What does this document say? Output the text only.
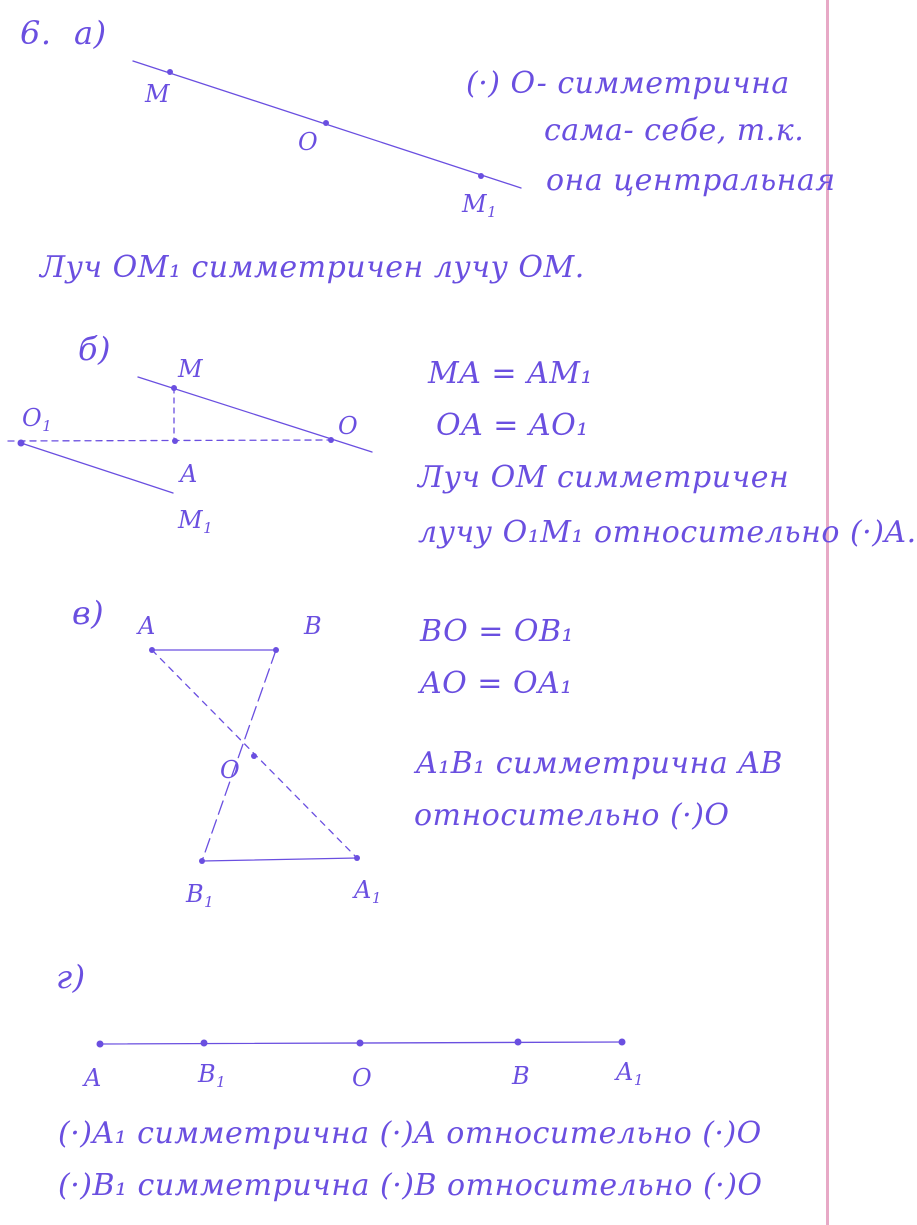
6. а)
M
O
$M_1$
(·) O- симметрична
сама- себе, т.к.
она центральная
Луч OM₁ симметричен лучу OM.
б)
M
$O_1$	O
A
$M_1$
MA = AM₁
OA = AO₁
Луч OM симметричен
лучу O₁M₁ относительно (·)A.
в) A	B
O
$B_1$	$A_1$
BO = OB₁
AO = OA₁
A₁B₁ симметрична AB
относительно (·)O
г)
A	$B_1$	O	B	$A_1$
(·)A₁ симметрична (·)A относительно (·)O
(·)B₁ симметрична (·)B относительно (·)O
